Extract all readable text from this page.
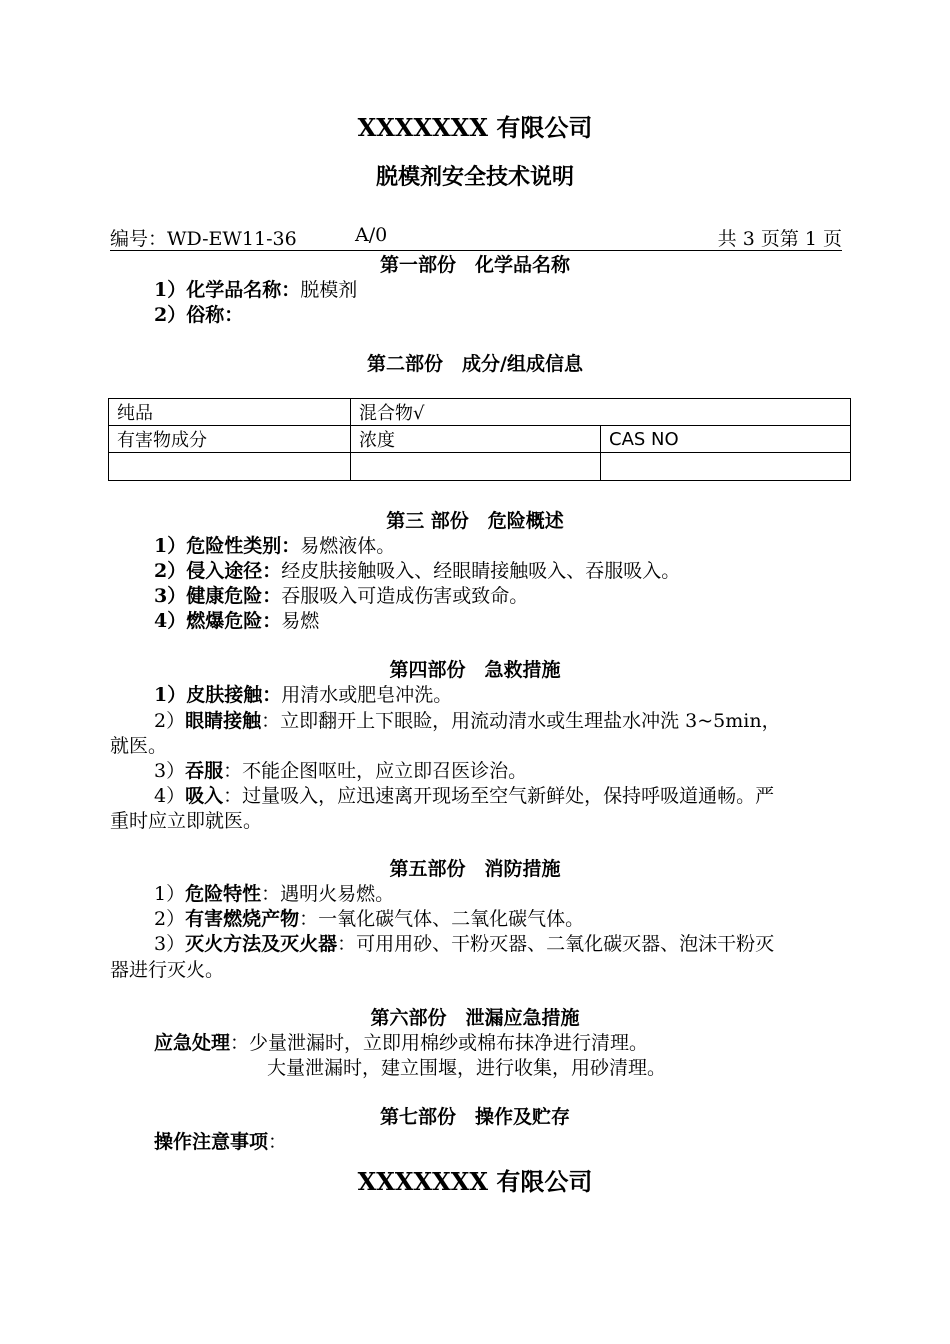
XXXXXXX 有限公司
脱模剂安全技术说明
编号：WD-EW11-36	A/0	共 3 页第 1 页
第一部份　化学品名称
1）化学品名称：脱模剂
2）俗称：
第二部份　成分/组成信息
纯品	混合物√	
有害物成分	浓度	CAS NO

第三 部份　危险概述
1）危险性类别：易燃液体。
2）侵入途径：经皮肤接触吸入、经眼睛接触吸入、吞服吸入。
3）健康危险：吞服吸入可造成伤害或致命。
4）燃爆危险：易燃
第四部份　急救措施
1）皮肤接触：用清水或肥皂冲洗。
2）眼睛接触：立即翻开上下眼睑，用流动清水或生理盐水冲洗 3~5min，
就医。
3）吞服：不能企图呕吐，应立即召医诊治。
4）吸入：过量吸入，应迅速离开现场至空气新鲜处，保持呼吸道通畅。严
重时应立即就医。
第五部份　消防措施
1）危险特性：遇明火易燃。
2）有害燃烧产物：一氧化碳气体、二氧化碳气体。
3）灭火方法及灭火器：可用用砂、干粉灭器、二氧化碳灭器、泡沫干粉灭
器进行灭火。
第六部份　泄漏应急措施
应急处理：少量泄漏时，立即用棉纱或棉布抹净进行清理。
大量泄漏时，建立围堰，进行收集，用砂清理。
第七部份　操作及贮存
操作注意事项：
XXXXXXX 有限公司
